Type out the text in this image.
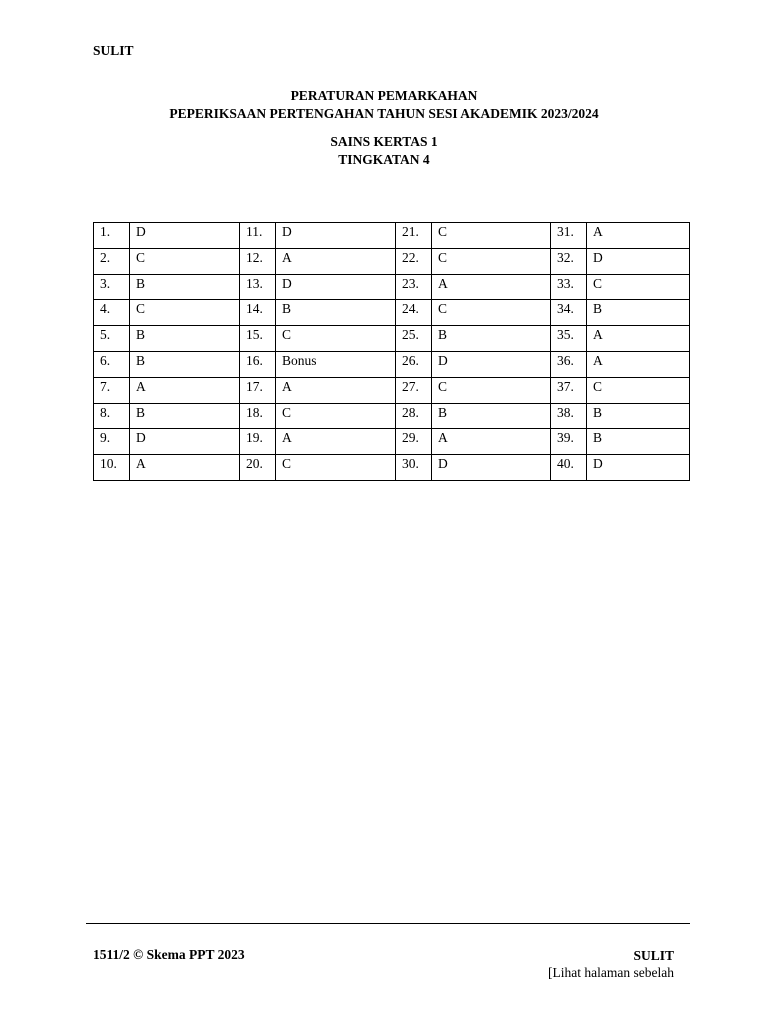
SULIT
PERATURAN PEMARKAHAN
PEPERIKSAAN PERTENGAHAN TAHUN SESI AKADEMIK 2023/2024
SAINS KERTAS 1
TINGKATAN 4
1.	D	11.	D	21.	C	31.	A
2.	C	12.	A	22.	C	32.	D
3.	B	13.	D	23.	A	33.	C
4.	C	14.	B	24.	C	34.	B
5.	B	15.	C	25.	B	35.	A
6.	B	16.	Bonus	26.	D	36.	A
7.	A	17.	A	27.	C	37.	C
8.	B	18.	C	28.	B	38.	B
9.	D	19.	A	29.	A	39.	B
10.	A	20.	C	30.	D	40.	D
1511/2 © Skema PPT 2023	SULIT
[Lihat halaman sebelah
